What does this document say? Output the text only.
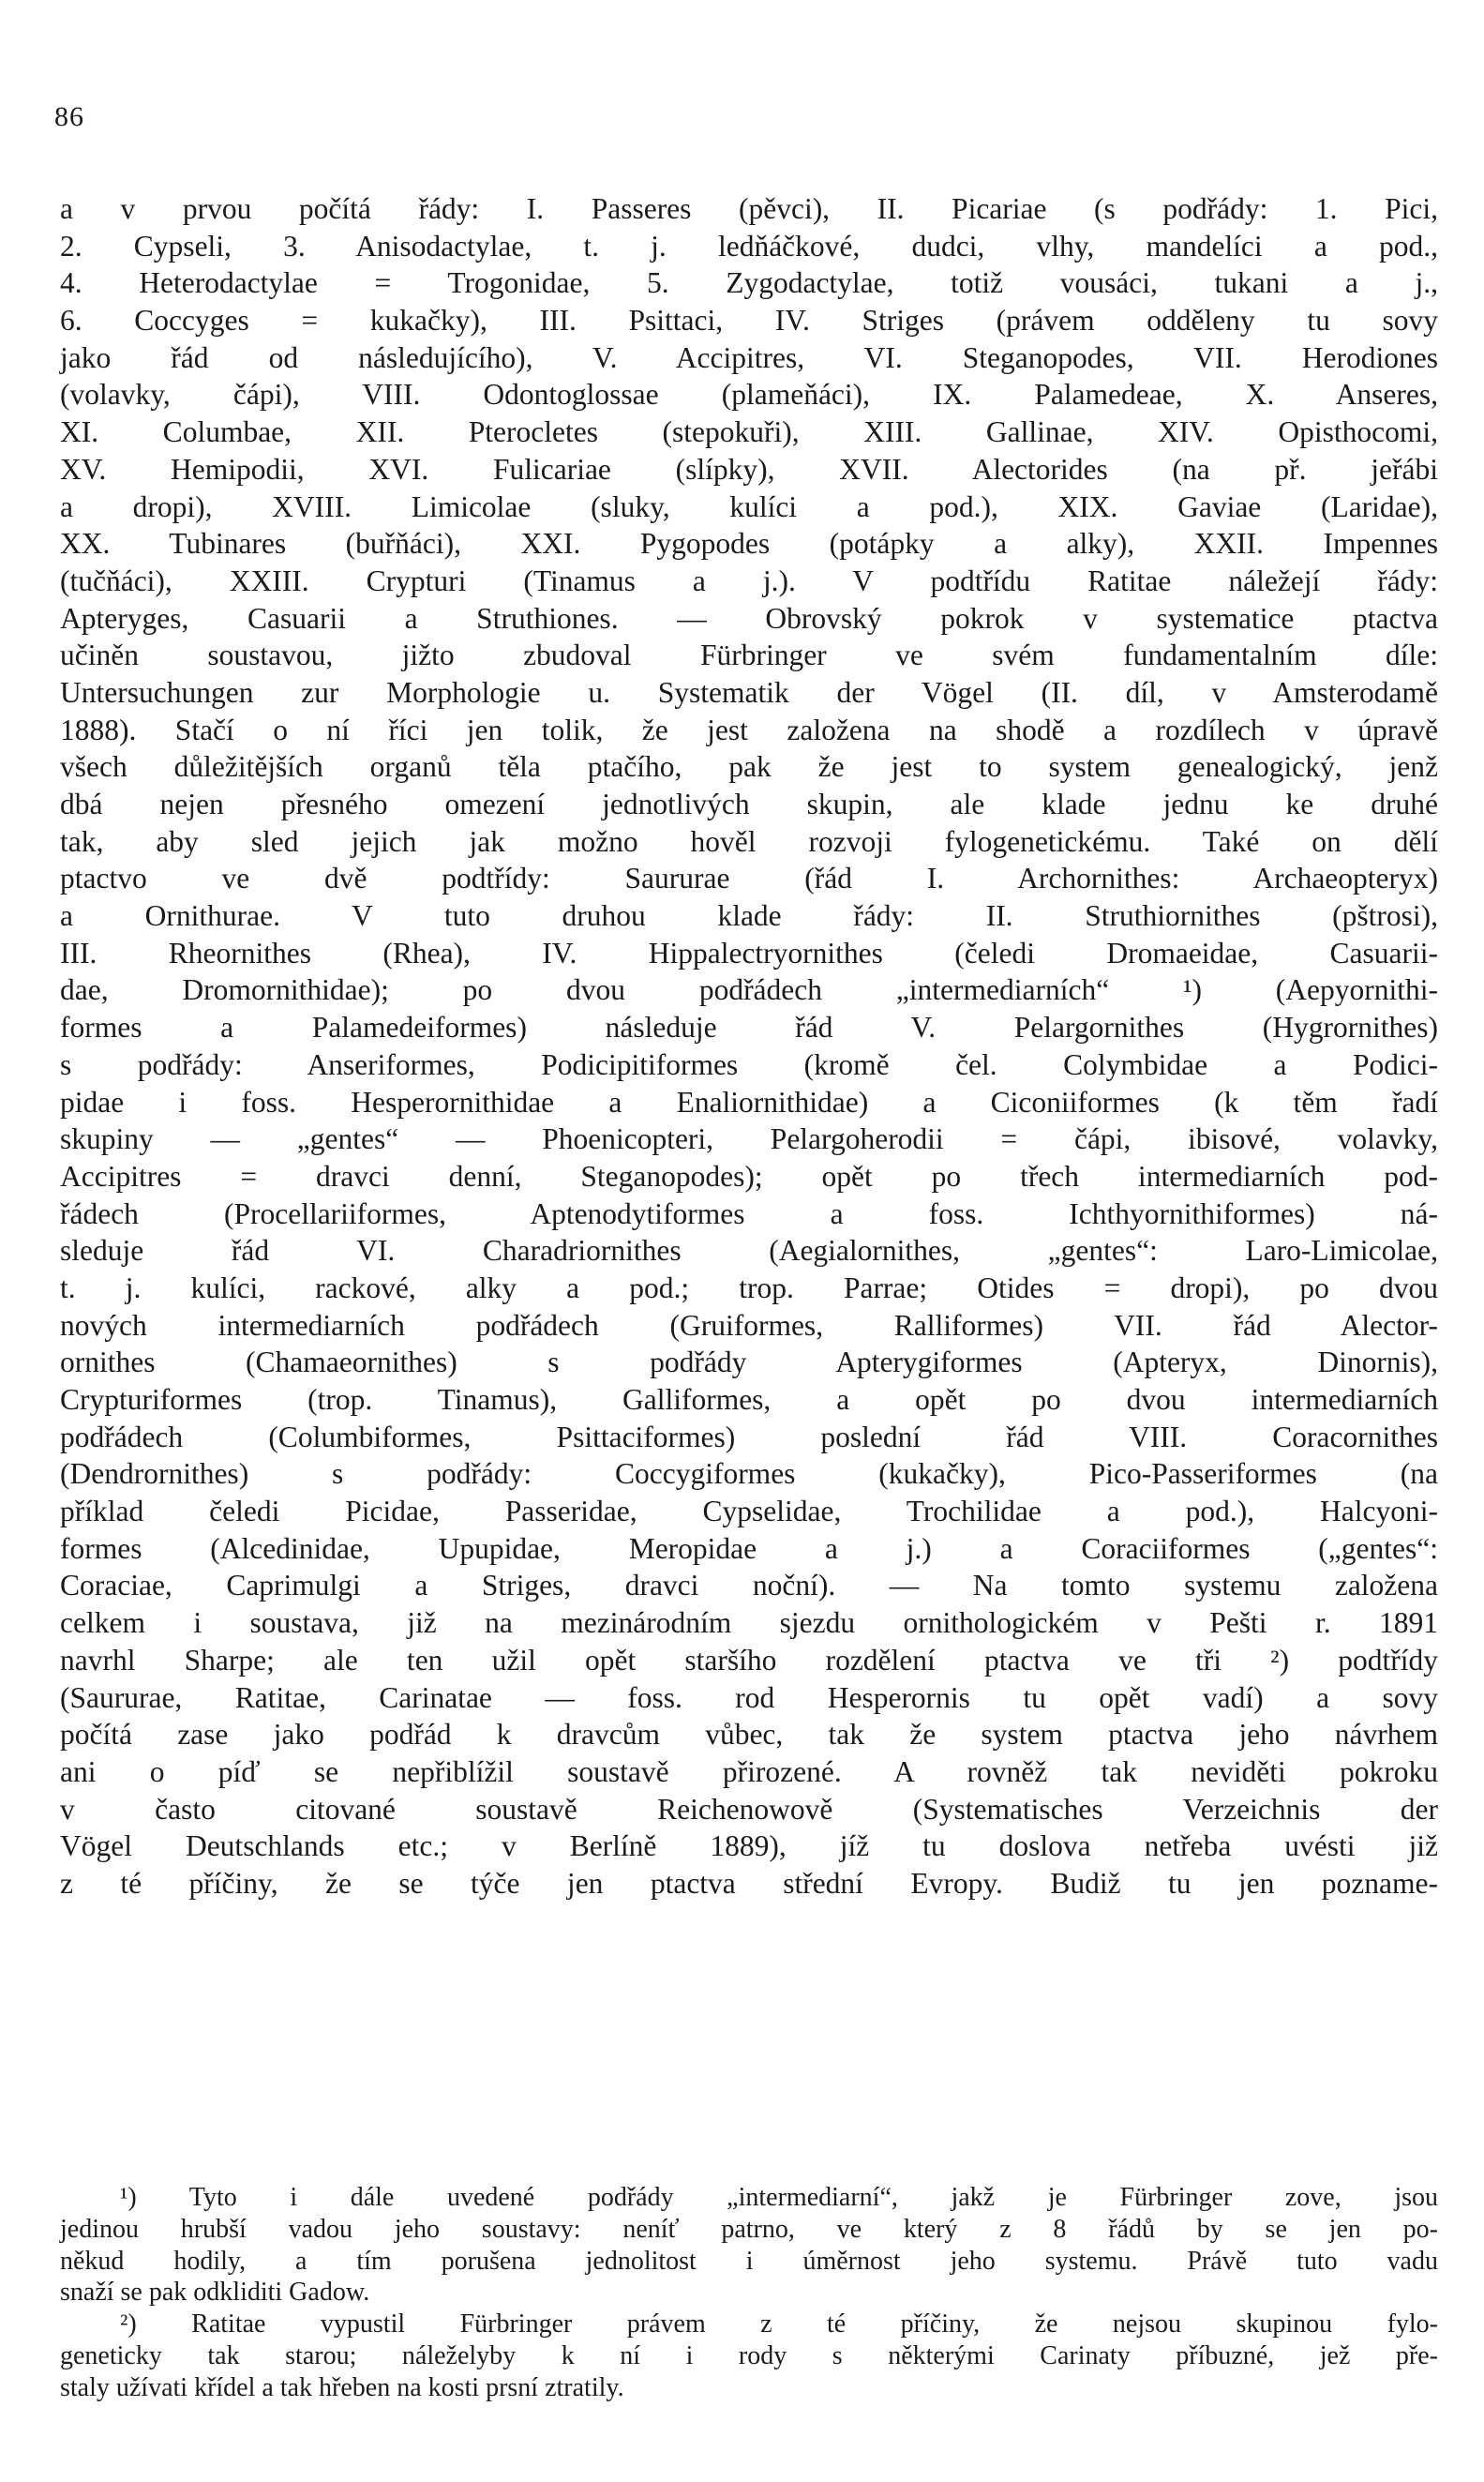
86
a v prvou počítá řády: I. Passeres (pěvci), II. Picariae (s podřády: 1. Pici,
2. Cypseli, 3. Anisodactylae, t. j. ledňáčkové, dudci, vlhy, mandelíci a pod.,
4. Heterodactylae = Trogonidae, 5. Zygodactylae, totiž vousáci, tukani a j.,
6. Coccyges = kukačky), III. Psittaci, IV. Striges (právem odděleny tu sovy
jako řád od následujícího), V. Accipitres, VI. Steganopodes, VII. Herodiones
(volavky, čápi), VIII. Odontoglossae (plameňáci), IX. Palamedeae, X. Anseres,
XI. Columbae, XII. Pterocletes (stepokuři), XIII. Gallinae, XIV. Opisthocomi,
XV. Hemipodii, XVI. Fulicariae (slípky), XVII. Alectorides (na př. jeřábi
a dropi), XVIII. Limicolae (sluky, kulíci a pod.), XIX. Gaviae (Laridae),
XX. Tubinares (buřňáci), XXI. Pygopodes (potápky a alky), XXII. Impennes
(tučňáci), XXIII. Crypturi (Tinamus a j.). V podtřídu Ratitae náležejí řády:
Apteryges, Casuarii a Struthiones. — Obrovský pokrok v systematice ptactva
učiněn soustavou, jižto zbudoval Fürbringer ve svém fundamentalním díle:
Untersuchungen zur Morphologie u. Systematik der Vögel (II. díl, v Amsterodamě
1888). Stačí o ní říci jen tolik, že jest založena na shodě a rozdílech v úpravě
všech důležitějších organů těla ptačího, pak že jest to system genealogický, jenž
dbá nejen přesného omezení jednotlivých skupin, ale klade jednu ke druhé
tak, aby sled jejich jak možno hověl rozvoji fylogenetickému. Také on dělí
ptactvo ve dvě podtřídy: Saururae (řád I. Archornithes: Archaeopteryx)
a Ornithurae. V tuto druhou klade řády: II. Struthiornithes (pštrosi),
III. Rheornithes (Rhea), IV. Hippalectryornithes (čeledi Dromaeidae, Casuarii-
dae, Dromornithidae); po dvou podřádech „intermediarních“ ¹) (Aepyornithi-
formes a Palamedeiformes) následuje řád V. Pelargornithes (Hygrornithes)
s podřády: Anseriformes, Podicipitiformes (kromě čel. Colymbidae a Podici-
pidae i foss. Hesperornithidae a Enaliornithidae) a Ciconiiformes (k těm řadí
skupiny — „gentes“ — Phoenicopteri, Pelargoherodii = čápi, ibisové, volavky,
Accipitres = dravci denní, Steganopodes); opět po třech intermediarních pod-
řádech (Procellariiformes, Aptenodytiformes a foss. Ichthyornithiformes) ná-
sleduje řád VI. Charadriornithes (Aegialornithes, „gentes“: Laro-Limicolae,
t. j. kulíci, rackové, alky a pod.; trop. Parrae; Otides = dropi), po dvou
nových intermediarních podřádech (Gruiformes, Ralliformes) VII. řád Alector-
ornithes (Chamaeornithes) s podřády Apterygiformes (Apteryx, Dinornis),
Crypturiformes (trop. Tinamus), Galliformes, a opět po dvou intermediarních
podřádech (Columbiformes, Psittaciformes) poslední řád VIII. Coracornithes
(Dendrornithes) s podřády: Coccygiformes (kukačky), Pico-Passeriformes (na
příklad čeledi Picidae, Passeridae, Cypselidae, Trochilidae a pod.), Halcyoni-
formes (Alcedinidae, Upupidae, Meropidae a j.) a Coraciiformes („gentes“:
Coraciae, Caprimulgi a Striges, dravci noční). — Na tomto systemu založena
celkem i soustava, již na mezinárodním sjezdu ornithologickém v Pešti r. 1891
navrhl Sharpe; ale ten užil opět staršího rozdělení ptactva ve tři ²) podtřídy
(Saururae, Ratitae, Carinatae — foss. rod Hesperornis tu opět vadí) a sovy
počítá zase jako podřád k dravcům vůbec, tak že system ptactva jeho návrhem
ani o píď se nepřiblížil soustavě přirozené. A rovněž tak neviděti pokroku
v často citované soustavě Reichenowově (Systematisches Verzeichnis der
Vögel Deutschlands etc.; v Berlíně 1889), jíž tu doslova netřeba uvésti již
z té příčiny, že se týče jen ptactva střední Evropy. Budiž tu jen poznamе-
¹) Tyto i dále uvedené podřády „intermediarní“, jakž je Fürbringer zove, jsou
jedinou hrubší vadou jeho soustavy: neníť patrno, ve který z 8 řádů by se jen po-
někud hodily, a tím porušena jednolitost i úměrnost jeho systemu. Právě tuto vadu
snaží se pak odkliditi Gadow.
²) Ratitae vypustil Fürbringer právem z té příčiny, že nejsou skupinou fylo-
geneticky tak starou; náleželyby k ní i rody s některými Carinaty příbuzné, jež pře-
staly užívati křídel a tak hřeben na kosti prsní ztratily.
